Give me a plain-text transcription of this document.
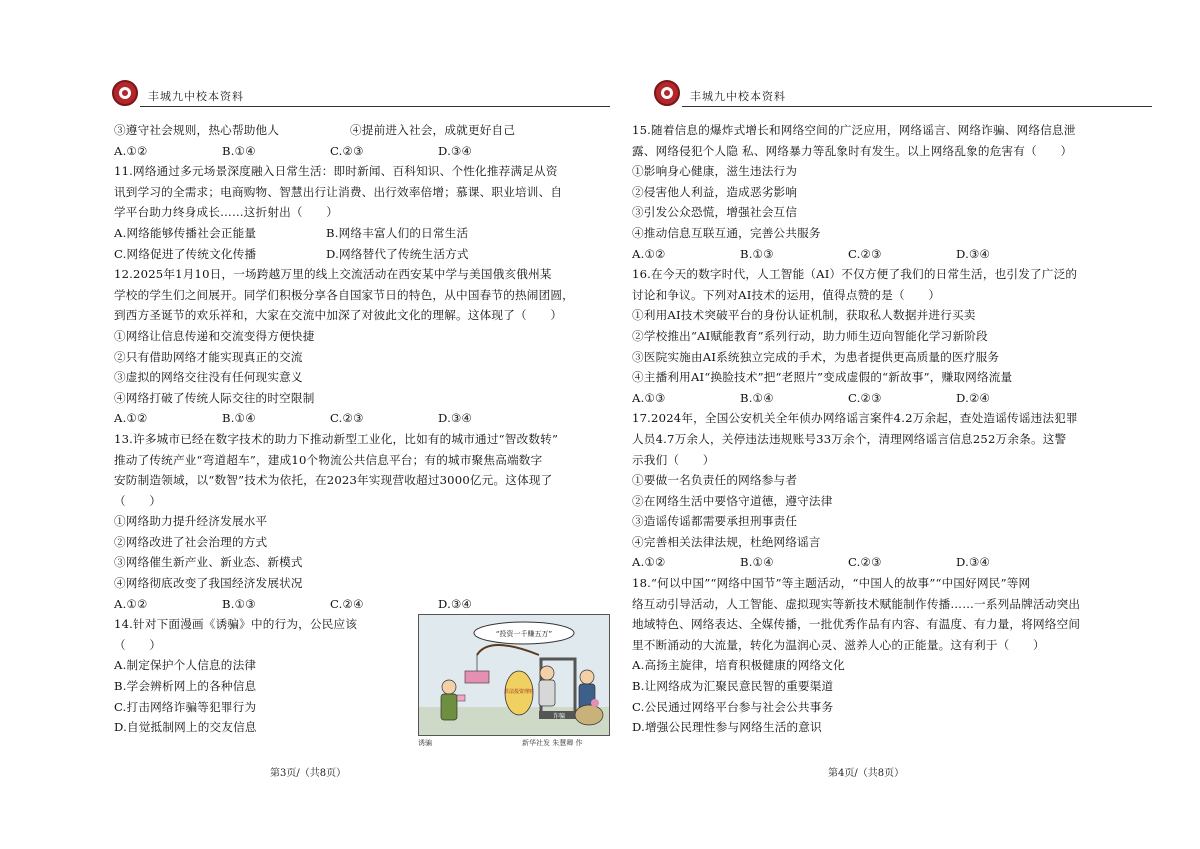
丰城九中校本资料
③遵守社会规则，热心帮助他人	④提前进入社会，成就更好自己
A.①②	B.①④	C.②③	D.③④
11.网络通过多元场景深度融入日常生活：即时新闻、百科知识、个性化推荐满足从资
讯到学习的全需求；电商购物、智慧出行让消费、出行效率倍增；慕课、职业培训、自
学平台助力终身成长……这折射出（　　）
A.网络能够传播社会正能量	B.网络丰富人们的日常生活
C.网络促进了传统文化传播	D.网络替代了传统生活方式
12.2025年1月10日，一场跨越万里的线上交流活动在西安某中学与美国俄亥俄州某
学校的学生们之间展开。同学们积极分享各自国家节日的特色，从中国春节的热闹团圆，
到西方圣诞节的欢乐祥和，大家在交流中加深了对彼此文化的理解。这体现了（　　）
①网络让信息传递和交流变得方便快捷
②只有借助网络才能实现真正的交流
③虚拟的网络交往没有任何现实意义
④网络打破了传统人际交往的时空限制
A.①②	B.①④	C.②③	D.③④
13.许多城市已经在数字技术的助力下推动新型工业化，比如有的城市通过“智改数转”
推动了传统产业“弯道超车”，建成10个物流公共信息平台；有的城市聚焦高端数字
安防制造领域，以“数智”技术为依托，在2023年实现营收超过3000亿元。这体现了
（　　）
①网络助力提升经济发展水平
②网络改进了社会治理的方式
③网络催生新产业、新业态、新模式
④网络彻底改变了我国经济发展状况
A.①②	B.①③	C.②④	D.③④
14.针对下面漫画《诱骗》中的行为，公民应该
（　　）
A.制定保护个人信息的法律
B.学会辨析网上的各种信息
C.打击网络诈骗等犯罪行为
D.自觉抵制网上的交友信息
“投资一千赚五万”
非法投资理财
诈骗
诱骗	新华社发 朱慧卿 作
第3页/（共8页）
丰城九中校本资料
15.随着信息的爆炸式增长和网络空间的广泛应用，网络谣言、网络诈骗、网络信息泄
露、网络侵犯个人隐 私、网络暴力等乱象时有发生。以上网络乱象的危害有（　　）
①影响身心健康，滋生违法行为
②侵害他人利益，造成恶劣影响
③引发公众恐慌，增强社会互信
④推动信息互联互通，完善公共服务
A.①②	B.①③	C.②③	D.③④
16.在今天的数字时代，人工智能（AI）不仅方便了我们的日常生活，也引发了广泛的
讨论和争议。下列对AI技术的运用，值得点赞的是（　　）
①利用AI技术突破平台的身份认证机制，获取私人数据并进行买卖
②学校推出“AI赋能教育”系列行动，助力师生迈向智能化学习新阶段
③医院实施由AI系统独立完成的手术，为患者提供更高质量的医疗服务
④主播利用AI“换脸技术”把“老照片”变成虚假的“新故事”，赚取网络流量
A.①③	B.①④	C.②③	D.②④
17.2024年，全国公安机关全年侦办网络谣言案件4.2万余起，查处造谣传谣违法犯罪
人员4.7万余人，关停违法违规账号33万余个，清理网络谣言信息252万余条。这警
示我们（　　）
①要做一名负责任的网络参与者
②在网络生活中要恪守道德，遵守法律
③造谣传谣都需要承担刑事责任
④完善相关法律法规，杜绝网络谣言
A.①②	B.①④	C.②③	D.③④
18.“何以中国”“网络中国节”等主题活动，“中国人的故事”“中国好网民”等网
络互动引导活动，人工智能、虚拟现实等新技术赋能制作传播……一系列品牌活动突出
地域特色、网络表达、全媒传播，一批优秀作品有内容、有温度、有力量，将网络空间
里不断涌动的大流量，转化为温润心灵、滋养人心的正能量。这有利于（　　）
A.高扬主旋律，培育积极健康的网络文化
B.让网络成为汇聚民意民智的重要渠道
C.公民通过网络平台参与社会公共事务
D.增强公民理性参与网络生活的意识
第4页/（共8页）
